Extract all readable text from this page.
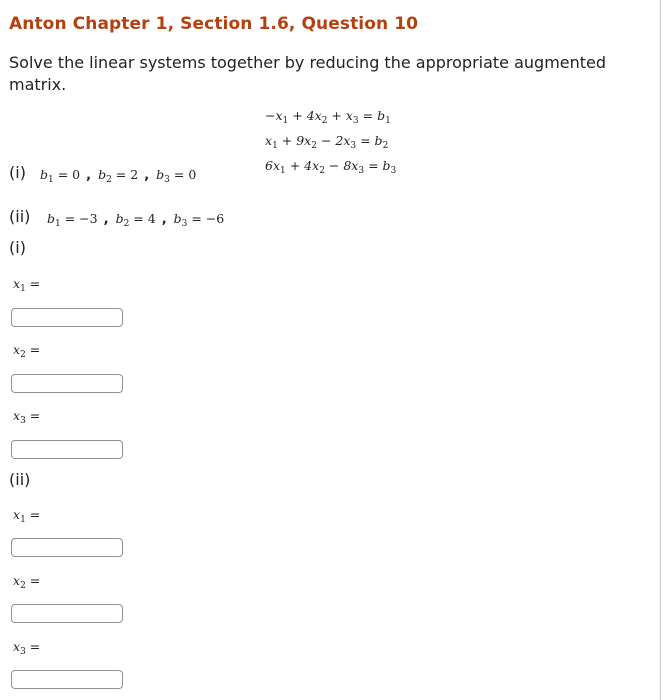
Anton Chapter 1, Section 1.6, Question 10
Solve the linear systems together by reducing the appropriate augmented matrix.
$-x_1 + 4x_2 + x_3 = b_1$
$x_1 + 9x_2 - 2x_3 = b_2$
$6x_1 + 4x_2 - 8x_3 = b_3$
(i) $b_1 = 0$ , $b_2 = 2$ , $b_3 = 0$
(ii) $b_1 = -3$ , $b_2 = 4$ , $b_3 = -6$
(i)
$x_1$ =
$x_2$ =
$x_3$ =
(ii)
$x_1$ =
$x_2$ =
$x_3$ =
